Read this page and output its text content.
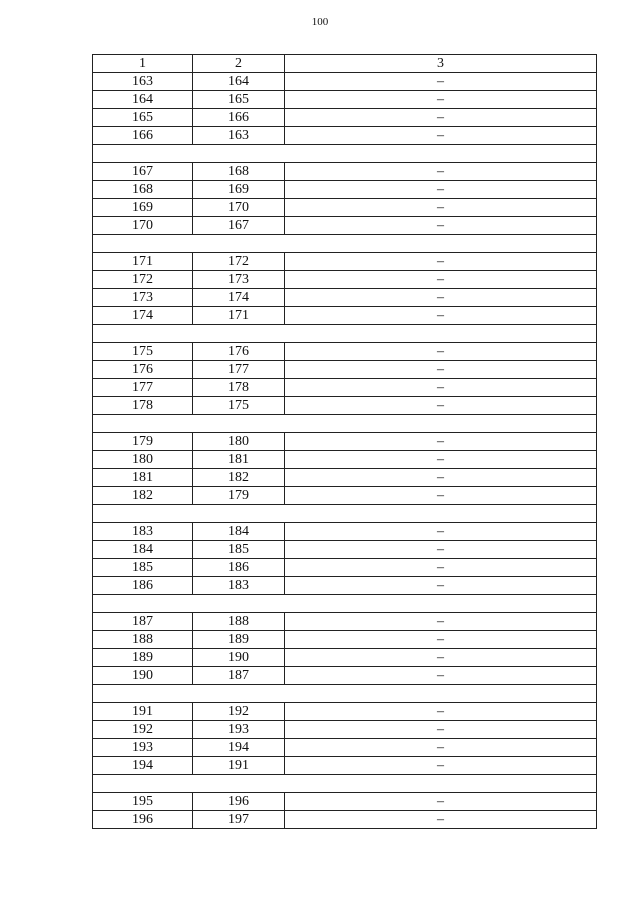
100
1	2	3
163	164	–
164	165	–
165	166	–
166	163	–

167	168	–
168	169	–
169	170	–
170	167	–

171	172	–
172	173	–
173	174	–
174	171	–

175	176	–
176	177	–
177	178	–
178	175	–

179	180	–
180	181	–
181	182	–
182	179	–

183	184	–
184	185	–
185	186	–
186	183	–

187	188	–
188	189	–
189	190	–
190	187	–

191	192	–
192	193	–
193	194	–
194	191	–

195	196	–
196	197	–
